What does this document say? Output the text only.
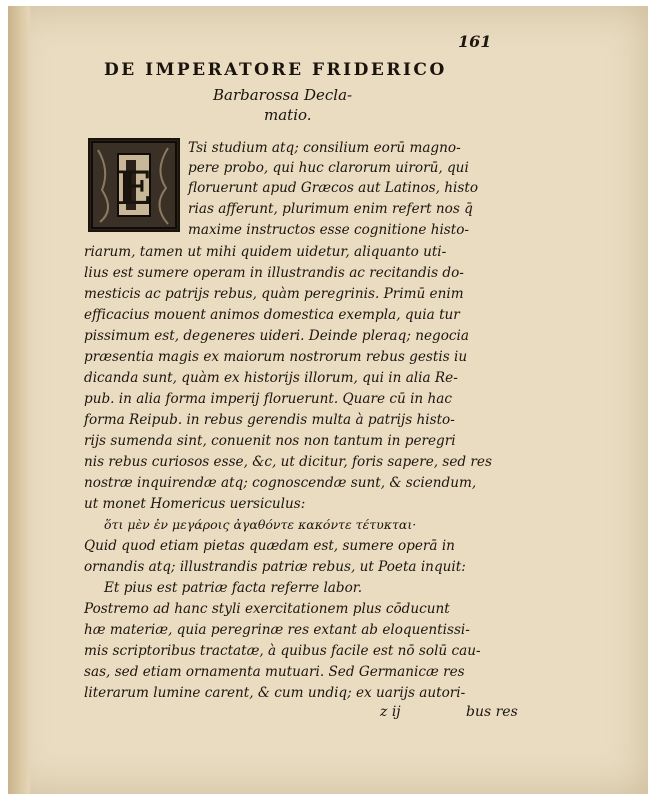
161
DE IMPERATORE FRIDERICO
Barbarossa Decla-
matio.
E
Tsi studium atq; consilium eorū magno-
pere probo, qui huc clarorum uirorū, qui
floruerunt apud Græcos aut Latinos, histo
rias afferunt, plurimum enim refert nos q̄
maxime instructos esse cognitione histo-
riarum, tamen ut mihi quidem uidetur, aliquanto uti-
lius est sumere operam in illustrandis ac recitandis do-
mesticis ac patrijs rebus, quàm peregrinis. Primū enim
efficacius mouent animos domestica exempla, quia tur
pissimum est, degeneres uideri. Deinde pleraq; negocia
præsentia magis ex maiorum nostrorum rebus gestis iu
dicanda sunt, quàm ex historijs illorum, qui in alia Re-
pub. in alia forma imperij floruerunt. Quare cū in hac
forma Reipub. in rebus gerendis multa à patrijs histo-
rijs sumenda sint, conuenit nos non tantum in peregri
nis rebus curiosos esse, &c, ut dicitur, foris sapere, sed res
nostræ inquirendæ atq; cognoscendæ sunt, & sciendum,
ut monet Homericus uersiculus:
ὅτι μὲν ἐν μεγάροις ἀγαθόντε κακόντε τέτυκται·
Quid quod etiam pietas quædam est, sumere operā in
ornandis atq; illustrandis patriæ rebus, ut Poeta inquit:
Et pius est patriæ facta referre labor.
Postremo ad hanc styli exercitationem plus cōducunt
hæ materiæ, quia peregrinæ res extant ab eloquentissi-
mis scriptoribus tractatæ, à quibus facile est nō solū cau-
sas, sed etiam ornamenta mutuari. Sed Germanicæ res
literarum lumine carent, & cum undiq; ex uarijs autori-
z ij	bus res
